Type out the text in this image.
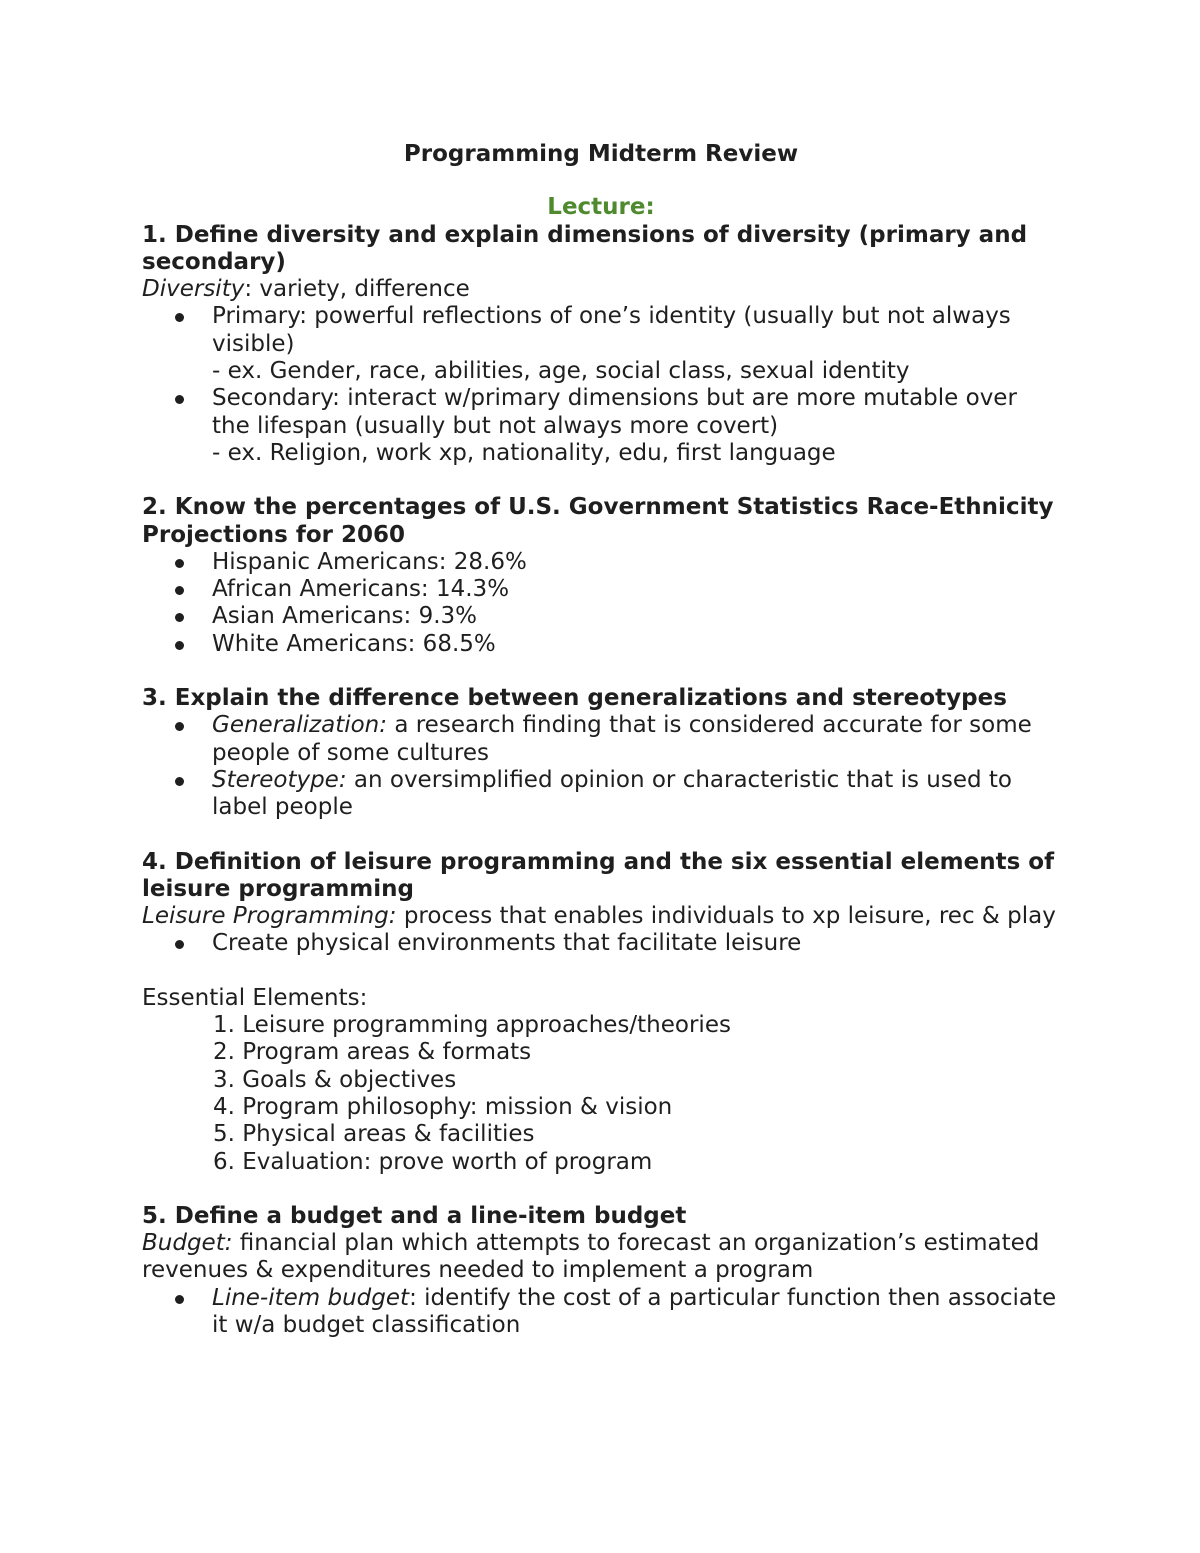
Programming Midterm Review

Lecture:

1. Define diversity and explain dimensions of diversity (primary and secondary)

Diversity: variety, difference

Primary: powerful reflections of one’s identity (usually but not always visible)

- ex. Gender, race, abilities, age, social class, sexual identity

Secondary: interact w/primary dimensions but are more mutable over the lifespan (usually but not always more covert)

- ex. Religion, work xp, nationality, edu, first language

2. Know the percentages of U.S. Government Statistics Race-Ethnicity Projections for 2060

Hispanic Americans: 28.6%
African Americans: 14.3%
Asian Americans: 9.3%
White Americans: 68.5%

3. Explain the difference between generalizations and stereotypes

Generalization: a research finding that is considered accurate for some people of some cultures
Stereotype: an oversimplified opinion or characteristic that is used to label people

4. Definition of leisure programming and the six essential elements of leisure programming

Leisure Programming: process that enables individuals to xp leisure, rec & play

Create physical environments that facilitate leisure

Essential Elements:

1. Leisure programming approaches/theories
2. Program areas & formats
3. Goals & objectives
4. Program philosophy: mission & vision
5. Physical areas & facilities
6. Evaluation: prove worth of program

5. Define a budget and a line-item budget

Budget: financial plan which attempts to forecast an organization’s estimated revenues & expenditures needed to implement a program

Line-item budget: identify the cost of a particular function then associate it w/a budget classification
